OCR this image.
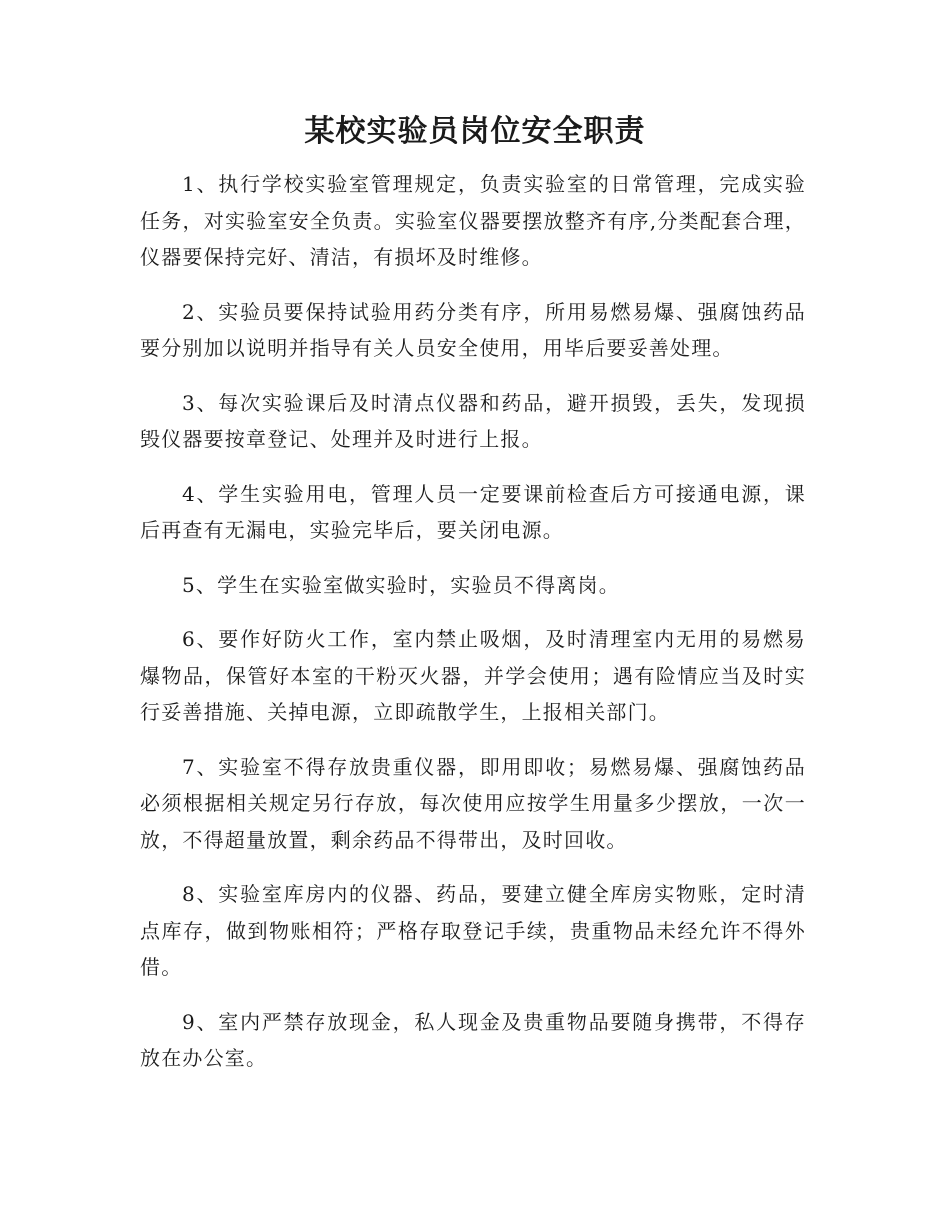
某校实验员岗位安全职责

1、执行学校实验室管理规定，负责实验室的日常管理，完成实验任务，对实验室安全负责。实验室仪器要摆放整齐有序,分类配套合理，仪器要保持完好、清洁，有损坏及时维修。

2、实验员要保持试验用药分类有序，所用易燃易爆、强腐蚀药品要分别加以说明并指导有关人员安全使用，用毕后要妥善处理。

3、每次实验课后及时清点仪器和药品，避开损毁，丢失，发现损毁仪器要按章登记、处理并及时进行上报。

4、学生实验用电，管理人员一定要课前检查后方可接通电源，课后再查有无漏电，实验完毕后，要关闭电源。

5、学生在实验室做实验时，实验员不得离岗。

6、要作好防火工作，室内禁止吸烟，及时清理室内无用的易燃易爆物品，保管好本室的干粉灭火器，并学会使用；遇有险情应当及时实行妥善措施、关掉电源，立即疏散学生，上报相关部门。

7、实验室不得存放贵重仪器，即用即收；易燃易爆、强腐蚀药品必须根据相关规定另行存放，每次使用应按学生用量多少摆放，一次一放，不得超量放置，剩余药品不得带出，及时回收。

8、实验室库房内的仪器、药品，要建立健全库房实物账，定时清点库存，做到物账相符；严格存取登记手续，贵重物品未经允许不得外借。

9、室内严禁存放现金，私人现金及贵重物品要随身携带，不得存放在办公室。
